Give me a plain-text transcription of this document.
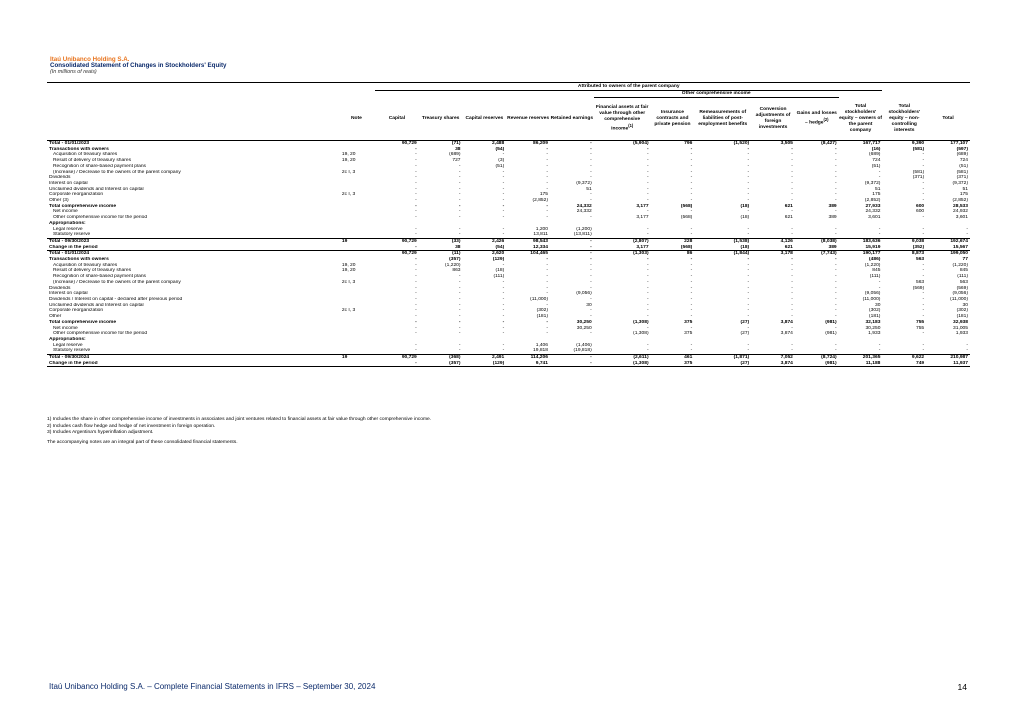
Itaú Unibanco Holding S.A.
Consolidated Statement of Changes in Stockholders' Equity
(In millions of reais)
		Attributed to owners of the parent company												
							Other comprehensive income							
	Note	Capital	Treasury shares	Capital reserves	Revenue reserves	Retained earnings	Financial assets at fair value through other comprehensive income$^{(1)}$	Insurance contracts and private pension	Remeasurements of liabilities of post-employment benefits	Conversion adjustments of foreign investments	Gains and losses – hedge$^{(2)}$	Total stockholders' equity – owners of the parent company	Total stockholders' equity – non-controlling interests	Total
Total - 01/01/2023		90,729	(71)	2,488	86,209	-	(5,904)	796	(1,520)	3,505	(8,427)	167,717	9,390	177,107
Transactions with owners		-	38	(54)	-	-	-	-	-	-	-	(16)	(581)	(597)
Acquisition of treasury shares	19, 20	-	(689)	-	-	-	-	-	-	-	-	(689)	-	(689)
Result of delivery of treasury shares	19, 20	-	727	(3)	-	-	-	-	-	-	-	724	-	724
Recognition of share-based payment plans		-	-	(51)	-	-	-	-	-	-	-	(51)	-	(51)
(Increase) / Decrease to the owners of the parent company	2c I, 3	-	-	-	-	-	-	-	-	-	-	-	(581)	(581)
Dividends		-	-	-	-	-	-	-	-	-	-	-	(371)	(371)
Interest on capital		-	-	-	-	(9,372)	-	-	-	-	-	(9,372)	-	(9,372)
Unclaimed dividends and Interest on capital		-	-	-	-	51	-	-	-	-	-	51	-	51
Corporate reorganization	2c I, 3	-	-	-	175	-	-	-	-	-	-	175	-	175
Other (3)		-	-	-	(2,852)	-	-	-	-	-	-	(2,852)	-	(2,852)
Total comprehensive income		-	-	-	-	24,332	3,177	(568)	(18)	621	389	27,933	600	28,533
Net income		-	-	-	-	24,332	-	-	-	-	-	24,332	600	24,932
Other comprehensive income for the period		-	-	-	-	-	3,177	(568)	(18)	621	389	3,601	-	3,601
Appropriations:														
Legal reserve		-	-	-	1,200	(1,200)	-	-	-	-	-	-	-	-
Statutory reserve		-	-	-	13,811	(13,811)	-	-	-	-	-	-	-	-
Total - 09/30/2023	19	90,729	(33)	2,426	98,543	-	(2,807)	228	(1,538)	4,126	(8,038)	183,636	9,038	192,674
Change in the period		-	38	(54)	12,334	-	3,177	(568)	(18)	621	389	15,919	(352)	15,567
Total - 01/01/2024		90,729	(11)	2,620	104,465	-	(1,303)	86	(1,844)	3,178	(7,743)	190,177	8,873	199,050
Transactions with owners		-	(357)	(129)	-	-	-	-	-	-	-	(486)	563	77
Acquisition of treasury shares	19, 20	-	(1,220)	-	-	-	-	-	-	-	-	(1,220)	-	(1,220)
Result of delivery of treasury shares	19, 20	-	863	(18)	-	-	-	-	-	-	-	845	-	845
Recognition of share-based payment plans		-	-	(111)	-	-	-	-	-	-	-	(111)	-	(111)
(Increase) / Decrease to the owners of the parent company	2c I, 3	-	-	-	-	-	-	-	-	-	-	-	563	563
Dividends		-	-	-	-	-	-	-	-	-	-	-	(569)	(569)
Interest on capital		-	-	-	-	(9,056)	-	-	-	-	-	(9,056)	-	(9,056)
Dividends / Interest on capital - declared after previous period		-	-	-	(11,000)	-	-	-	-	-	-	(11,000)	-	(11,000)
Unclaimed dividends and Interest on capital		-	-	-	-	30	-	-	-	-	-	30	-	30
Corporate reorganization	2c I, 3	-	-	-	(302)	-	-	-	-	-	-	(302)	-	(302)
Other		-	-	-	(181)	-	-	-	-	-	-	(181)	-	(181)
Total comprehensive income		-	-	-	-	30,250	(1,308)	375	(27)	3,874	(981)	32,183	755	32,938
Net income		-	-	-	-	30,250	-	-	-	-	-	30,250	755	31,005
Other comprehensive income for the period		-	-	-	-	-	(1,308)	375	(27)	3,874	(981)	1,933	-	1,933
Appropriations:														
Legal reserve		-	-	-	1,406	(1,406)	-	-	-	-	-	-	-	-
Statutory reserve		-	-	-	19,818	(19,818)	-	-	-	-	-	-	-	-
Total - 09/30/2024	19	90,729	(368)	2,491	114,206	-	(2,611)	461	(1,871)	7,052	(8,724)	201,365	9,622	210,987
Change in the period		-	(357)	(129)	9,741	-	(1,308)	375	(27)	3,874	(981)	11,188	749	11,937
1) Includes the share in other comprehensive income of investments in associates and joint ventures related to financial assets at fair value through other comprehensive income.
2) Includes cash flow hedge and hedge of net investment in foreign operation.
3) Includes Argentina's hyperinflation adjustment.
The accompanying notes are an integral part of these consolidated financial statements.
Itaú Unibanco Holding S.A. – Complete Financial Statements in IFRS – September 30, 2024	14
